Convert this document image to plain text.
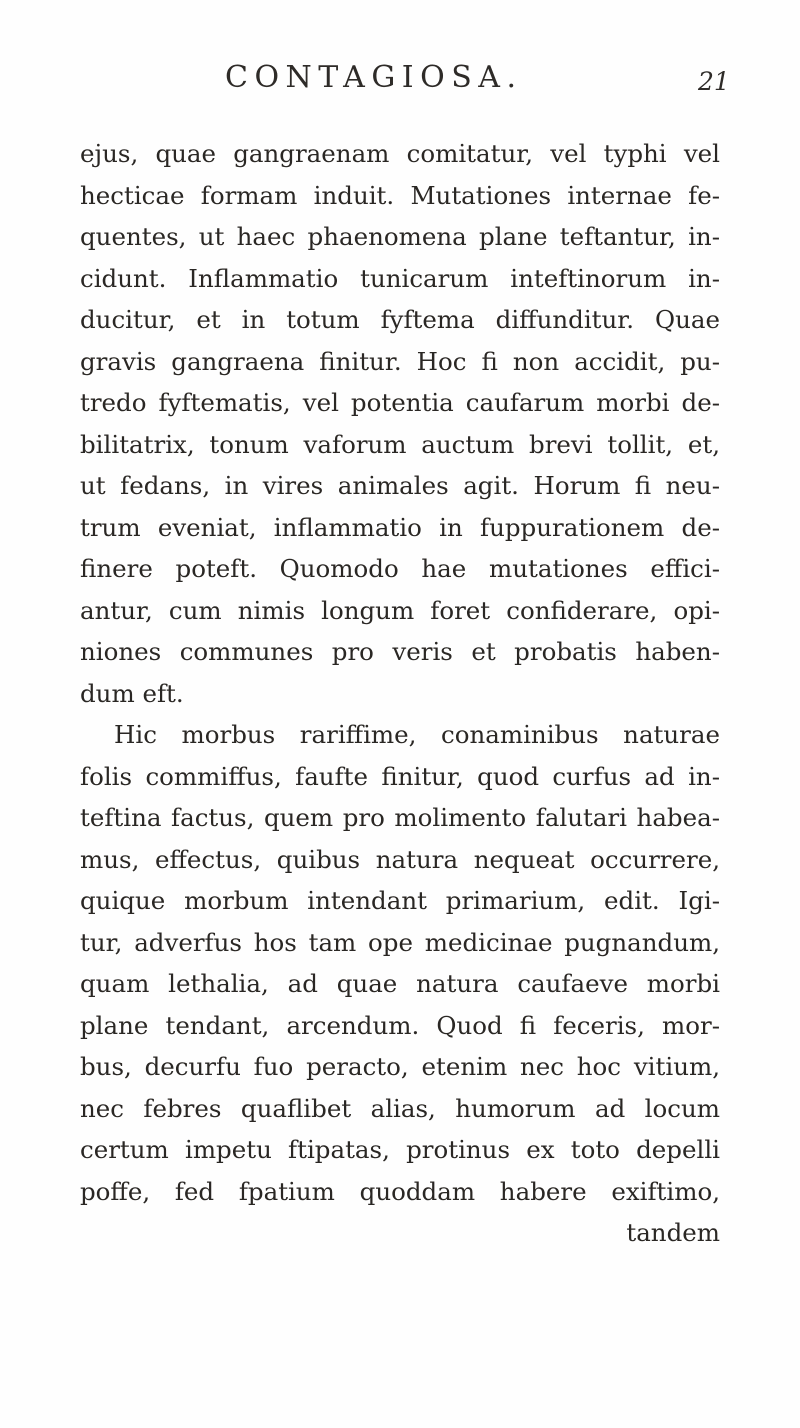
CONTAGIOSA.	21
ejus, quae gangraenam comitatur, vel typhi vel
hecticae formam induit. Mutationes internae fe-
quentes, ut haec phaenomena plane teftantur, in-
cidunt. Inflammatio tunicarum inteftinorum in-
ducitur, et in totum fyftema diffunditur. Quae
gravis gangraena finitur. Hoc fi non accidit, pu-
tredo fyftematis, vel potentia caufarum morbi de-
bilitatrix, tonum vaforum auctum brevi tollit, et,
ut fedans, in vires animales agit. Horum fi neu-
trum eveniat, inflammatio in fuppurationem de-
finere poteft. Quomodo hae mutationes effici-
antur, cum nimis longum foret confiderare, opi-
niones communes pro veris et probatis haben-
dum eft.
Hic morbus rariffime, conaminibus naturae
folis commiffus, faufte finitur, quod curfus ad in-
teftina factus, quem pro molimento falutari habea-
mus, effectus, quibus natura nequeat occurrere,
quique morbum intendant primarium, edit. Igi-
tur, adverfus hos tam ope medicinae pugnandum,
quam lethalia, ad quae natura caufaeve morbi
plane tendant, arcendum. Quod fi feceris, mor-
bus, decurfu fuo peracto, etenim nec hoc vitium,
nec febres quaflibet alias, humorum ad locum
certum impetu ftipatas, protinus ex toto depelli
poffe, fed fpatium quoddam habere exiftimo,
tandem
